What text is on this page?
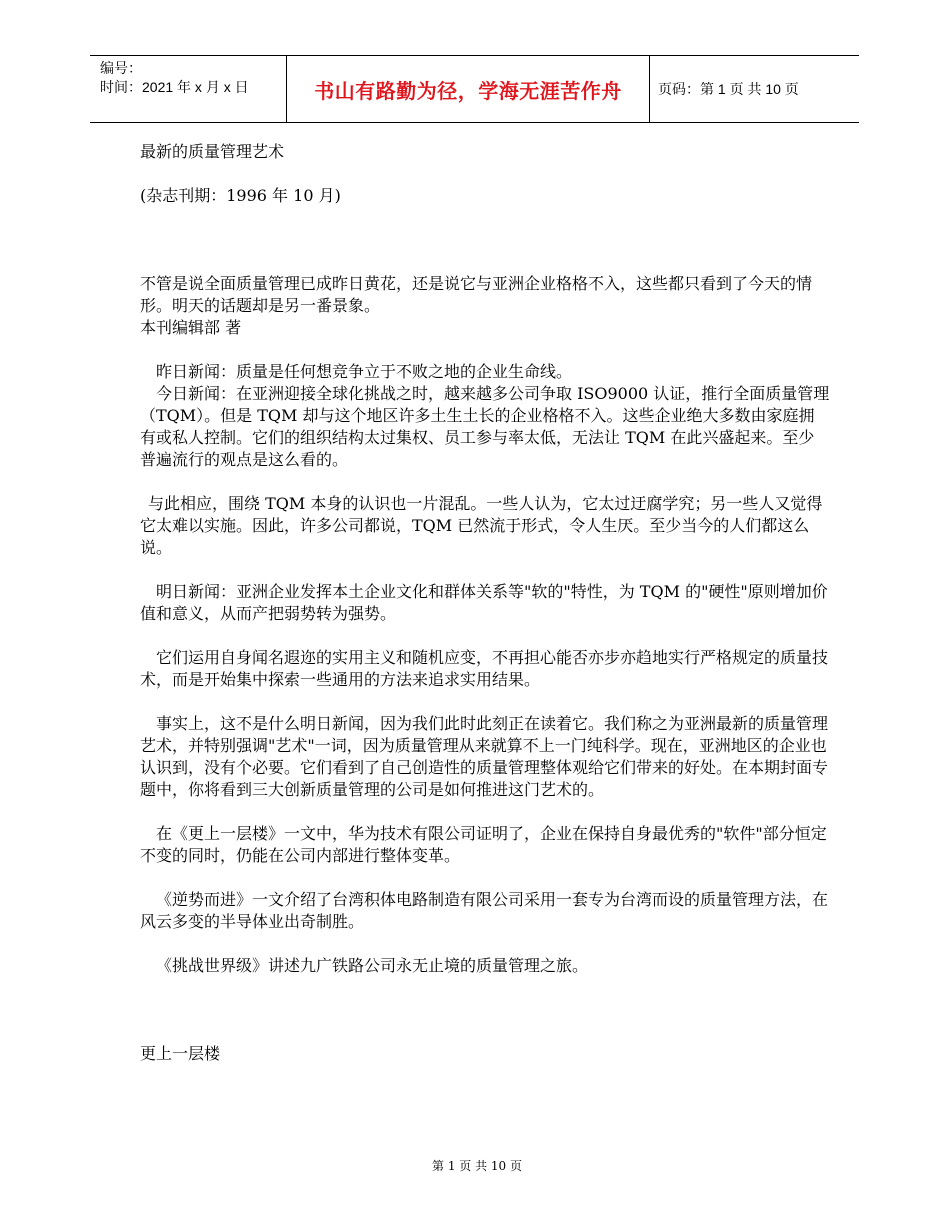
编号：
时间：2021 年 x 月 x 日	书山有路勤为径，学海无涯苦作舟	页码：第 1 页 共 10 页

最新的质量管理艺术

(杂志刊期：1996 年 10 月)

不管是说全面质量管理已成昨日黄花，还是说它与亚洲企业格格不入，这些都只看到了今天的情形。明天的话题却是另一番景象。

本刊编辑部 著

昨日新闻：质量是任何想竞争立于不败之地的企业生命线。

今日新闻：在亚洲迎接全球化挑战之时，越来越多公司争取 ISO9000 认证，推行全面质量管理（TQM）。但是 TQM 却与这个地区许多土生土长的企业格格不入。这些企业绝大多数由家庭拥有或私人控制。它们的组织结构太过集权、员工参与率太低，无法让 TQM 在此兴盛起来。至少普遍流行的观点是这么看的。

与此相应，围绕 TQM 本身的认识也一片混乱。一些人认为，它太过迂腐学究；另一些人又觉得它太难以实施。因此，许多公司都说，TQM 已然流于形式，令人生厌。至少当今的人们都这么说。

明日新闻：亚洲企业发挥本土企业文化和群体关系等"软的"特性，为 TQM 的"硬性"原则增加价值和意义，从而产把弱势转为强势。

它们运用自身闻名遐迩的实用主义和随机应变，不再担心能否亦步亦趋地实行严格规定的质量技术，而是开始集中探索一些通用的方法来追求实用结果。

事实上，这不是什么明日新闻，因为我们此时此刻正在读着它。我们称之为亚洲最新的质量管理艺术，并特别强调"艺术"一词，因为质量管理从来就算不上一门纯科学。现在，亚洲地区的企业也认识到，没有个必要。它们看到了自己创造性的质量管理整体观给它们带来的好处。在本期封面专题中，你将看到三大创新质量管理的公司是如何推进这门艺术的。

在《更上一层楼》一文中，华为技术有限公司证明了，企业在保持自身最优秀的"软件"部分恒定不变的同时，仍能在公司内部进行整体变革。

《逆势而进》一文介绍了台湾积体电路制造有限公司采用一套专为台湾而设的质量管理方法，在风云多变的半导体业出奇制胜。

《挑战世界级》讲述九广铁路公司永无止境的质量管理之旅。

更上一层楼

第 1 页 共 10 页
